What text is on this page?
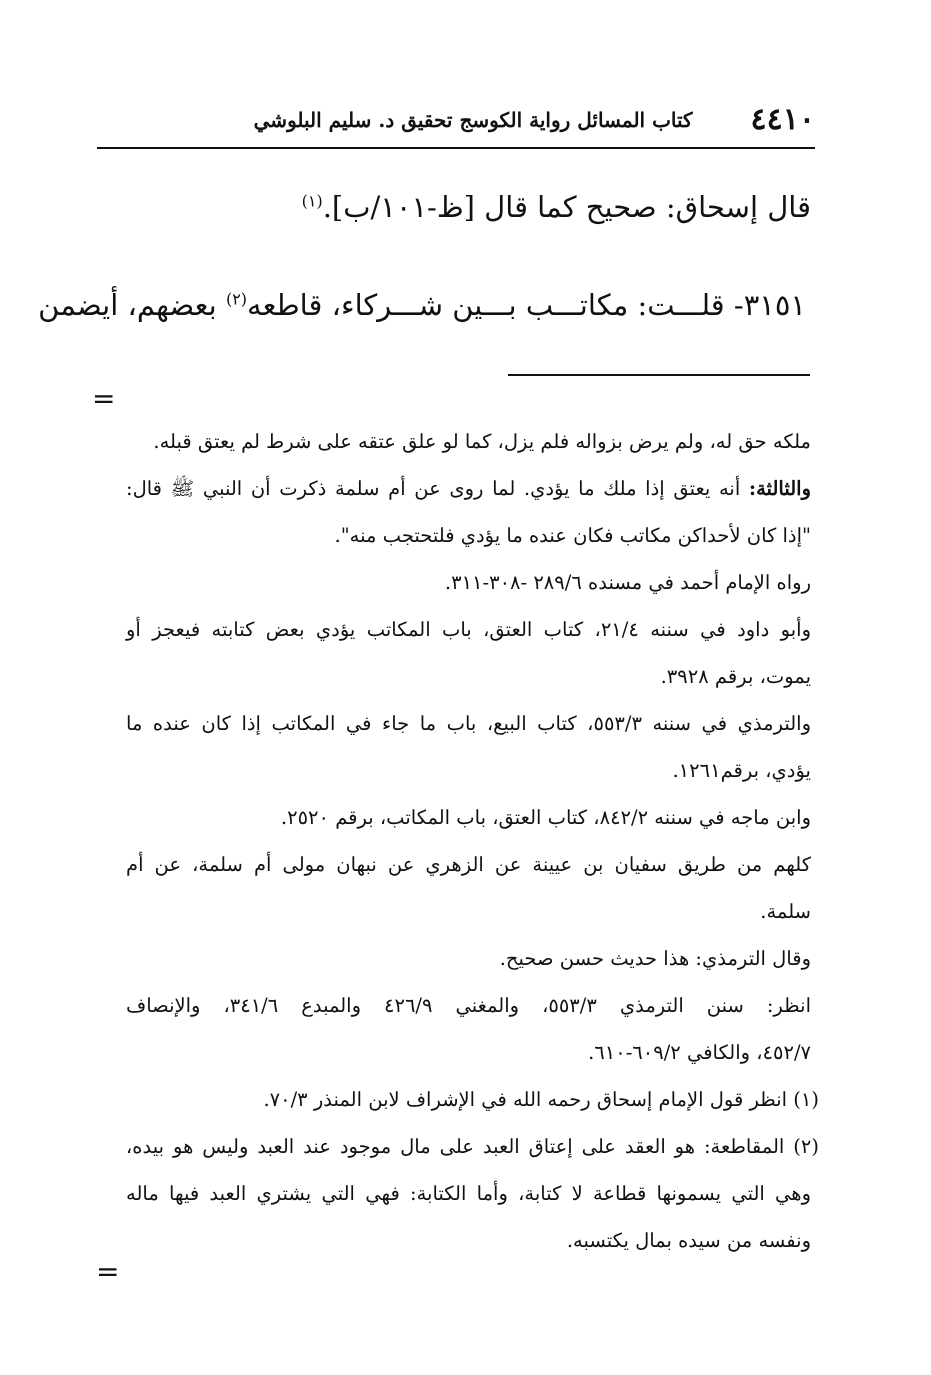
٤٤١٠
كتاب المسائل رواية الكوسج تحقيق د. سليم البلوشي
قال إسحاق: صحيح كما قال [ظ-١٠١/ب].$^{(١)}$
٣١٥١- قلـــت: مكاتـــب بـــين شـــركاء، قاطعه$^{(٢)}$ بعضهم، أيضمن
=

ملكه حق له، ولم يرض بزواله فلم يزل، كما لو علق عتقه على شرط لم يعتق قبله.

والثالثة: أنه يعتق إذا ملك ما يؤدي. لما روى عن أم سلمة ذكرت أن النبي ﷺ قال:

"إذا كان لأحداكن مكاتب فكان عنده ما يؤدي فلتحتجب منه".

رواه الإمام أحمد في مسنده ٢٨٩/٦ -٣٠٨-٣١١.

وأبو داود في سننه ٢١/٤، كتاب العتق، باب المكاتب يؤدي بعض كتابته فيعجز أو

يموت، برقم ٣٩٢٨.

والترمذي في سننه ٥٥٣/٣، كتاب البيع، باب ما جاء في المكاتب إذا كان عنده ما

يؤدي، برقم١٢٦١.

وابن ماجه في سننه ٨٤٢/٢، كتاب العتق، باب المكاتب، برقم ٢٥٢٠.

كلهم من طريق سفيان بن عيينة عن الزهري عن نبهان مولى أم سلمة، عن أم

سلمة.

وقال الترمذي: هذا حديث حسن صحيح.

انظر: سنن الترمذي ٥٥٣/٣، والمغني ٤٢٦/٩ والمبدع ٣٤١/٦، والإنصاف

٤٥٢/٧، والكافي ٦٠٩/٢-٦١٠.

(١) انظر قول الإمام إسحاق رحمه الله في الإشراف لابن المنذر ٧٠/٣.

(٢) المقاطعة: هو العقد على إعتاق العبد على مال موجود عند العبد وليس هو بيده،

وهي التي يسمونها قطاعة لا كتابة، وأما الكتابة: فهي التي يشتري العبد فيها ماله

ونفسه من سيده بمال يكتسبه.

=
